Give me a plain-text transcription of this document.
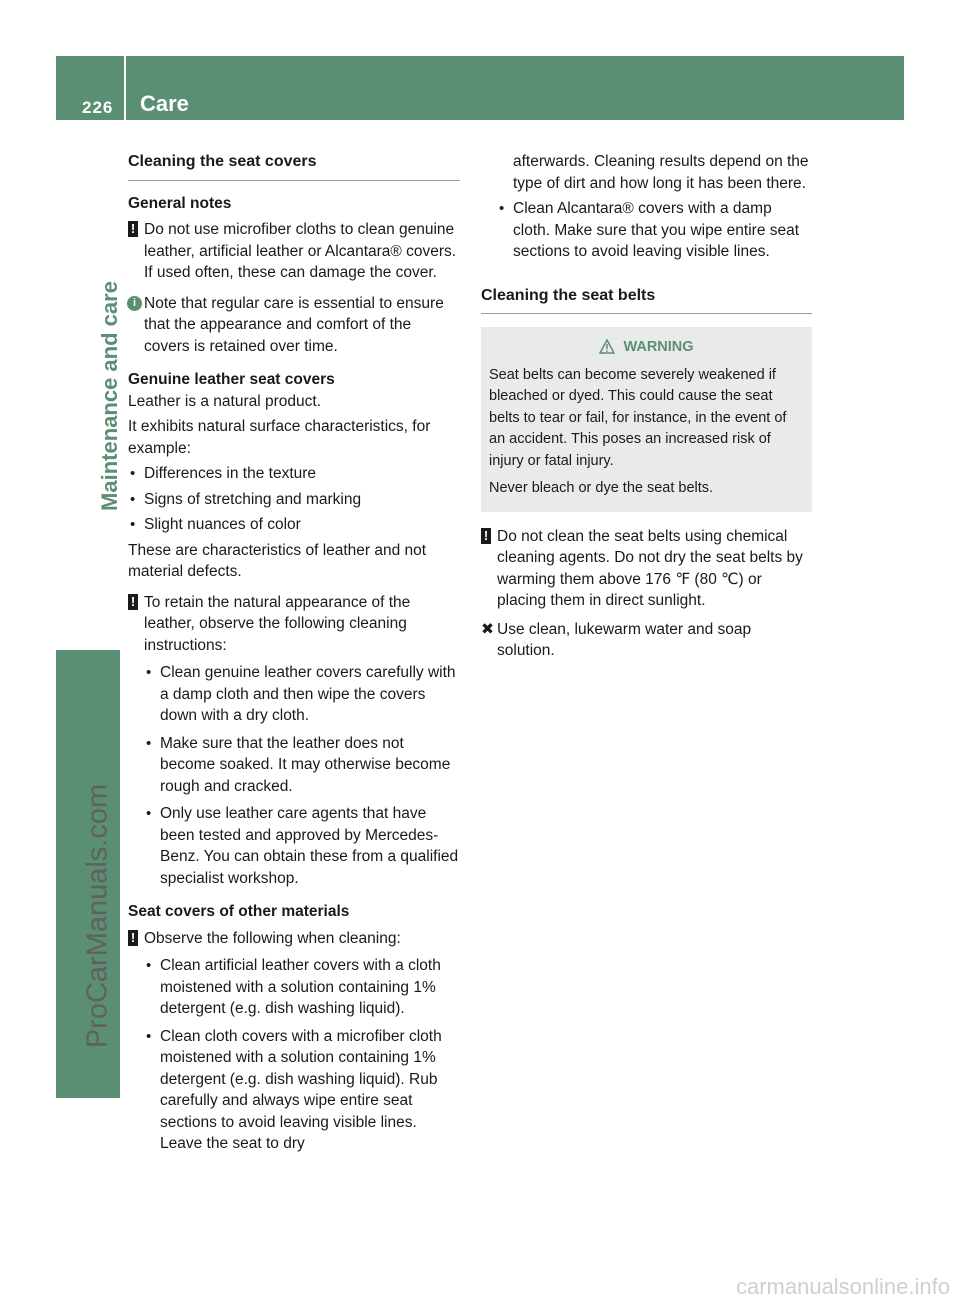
226 Care
Maintenance and care
ProCarManuals.com
carmanualsonline.info
Cleaning the seat covers

General notes

! Do not use microfiber cloths to clean genuine leather, artificial leather or Alcantara® covers. If used often, these can damage the cover.
i Note that regular care is essential to ensure that the appearance and comfort of the covers is retained over time.

Genuine leather seat covers

Leather is a natural product.

It exhibits natural surface characteristics, for example:

• Differences in the texture
• Signs of stretching and marking
• Slight nuances of color

These are characteristics of leather and not material defects.

! To retain the natural appearance of the leather, observe the following cleaning instructions:
• Clean genuine leather covers carefully with a damp cloth and then wipe the covers down with a dry cloth.
• Make sure that the leather does not become soaked. It may otherwise become rough and cracked.
• Only use leather care agents that have been tested and approved by Mercedes-Benz. You can obtain these from a qualified specialist workshop.

Seat covers of other materials

! Observe the following when cleaning:
• Clean artificial leather covers with a cloth moistened with a solution containing 1% detergent (e.g. dish washing liquid).
• Clean cloth covers with a microfiber cloth moistened with a solution containing 1% detergent (e.g. dish washing liquid). Rub carefully and always wipe entire seat sections to avoid leaving visible lines. Leave the seat to dry

afterwards. Cleaning results depend on the type of dirt and how long it has been there.

• Clean Alcantara® covers with a damp cloth. Make sure that you wipe entire seat sections to avoid leaving visible lines.
Cleaning the seat belts
WARNING

Seat belts can become severely weakened if bleached or dyed. This could cause the seat belts to tear or fail, for instance, in the event of an accident. This poses an increased risk of injury or fatal injury.

Never bleach or dye the seat belts.

! Do not clean the seat belts using chemical cleaning agents. Do not dry the seat belts by warming them above 176 ℉ (80 ℃) or placing them in direct sunlight.
✖ Use clean, lukewarm water and soap solution.
